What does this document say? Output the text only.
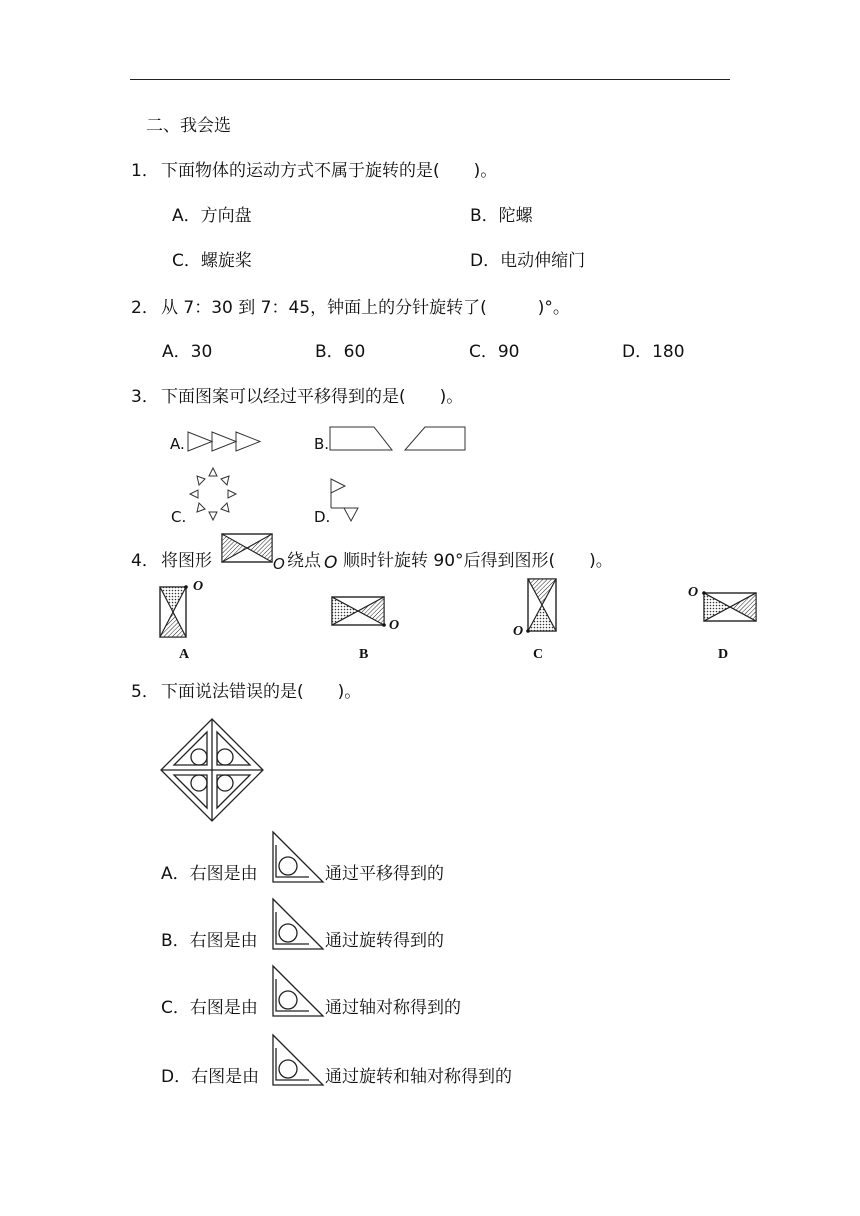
二、我会选
1． 下面物体的运动方式不属于旋转的是(　　)。
A．方向盘	B．陀螺
C．螺旋桨	D．电动伸缩门
2． 从 7：30 到 7：45，钟面上的分针旋转了(　　　)°。
A．30	B．60	C．90	D．180
3． 下面图案可以经过平移得到的是(　　)。
A.	B.
C.	D.
4． 将图形	O 绕点 O 顺时针旋转 90°后得到图形(　　)。
O
A
O
B
O
C
O
D
5． 下面说法错误的是(　　)。
A．右图是由	通过平移得到的
B．右图是由	通过旋转得到的
C．右图是由	通过轴对称得到的
D．右图是由	通过旋转和轴对称得到的
